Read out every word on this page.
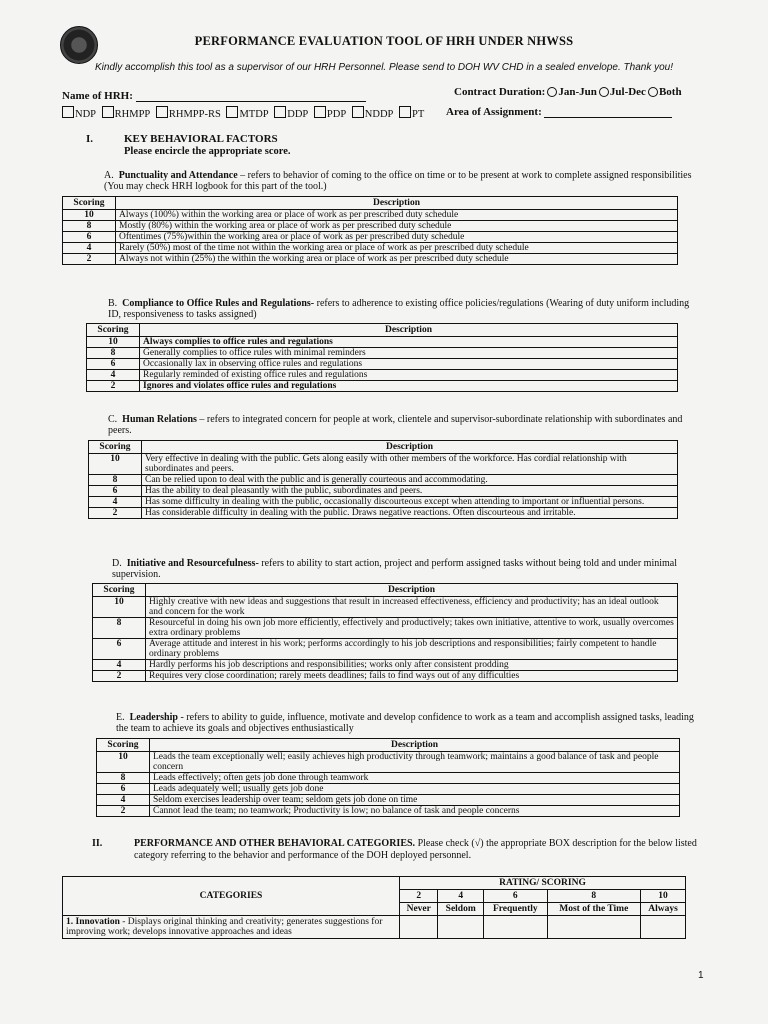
PERFORMANCE EVALUATION TOOL OF HRH UNDER NHWSS
Kindly accomplish this tool as a supervisor of our HRH Personnel. Please send to DOH WV CHD in a sealed envelope. Thank you!
Name of HRH:	Contract Duration: Jan-Jun Jul-Dec Both
NDP RHMPP RHMPP-RS MTDP DDP PDP NDDP PT Area of Assignment:
I.	KEY BEHAVIORAL FACTORS
Please encircle the appropriate score.
A. Punctuality and Attendance – refers to behavior of coming to the office on time or to be present at work to complete assigned responsibilities (You may check HRH logbook for this part of the tool.)
Scoring	Description
10	Always (100%) within the working area or place of work as per prescribed duty schedule
8	Mostly (80%) within the working area or place of work as per prescribed duty schedule
6	Oftentimes (75%)within the working area or place of work as per prescribed duty schedule
4	Rarely (50%) most of the time not within the working area or place of work as per prescribed duty schedule
2	Always not within (25%) the within the working area or place of work as per prescribed duty schedule
B. Compliance to Office Rules and Regulations- refers to adherence to existing office policies/regulations (Wearing of duty uniform including ID, responsiveness to tasks assigned)
Scoring	Description
10	Always complies to office rules and regulations
8	Generally complies to office rules with minimal reminders
6	Occasionally lax in observing office rules and regulations
4	Regularly reminded of existing office rules and regulations
2	Ignores and violates office rules and regulations
C. Human Relations – refers to integrated concern for people at work, clientele and supervisor-subordinate relationship with subordinates and peers.
Scoring	Description
10	Very effective in dealing with the public. Gets along easily with other members of the workforce. Has cordial relationship with subordinates and peers.
8	Can be relied upon to deal with the public and is generally courteous and accommodating.
6	Has the ability to deal pleasantly with the public, subordinates and peers.
4	Has some difficulty in dealing with the public, occasionally discourteous except when attending to important or influential persons.
2	Has considerable difficulty in dealing with the public. Draws negative reactions. Often discourteous and irritable.
D. Initiative and Resourcefulness- refers to ability to start action, project and perform assigned tasks without being told and under minimal supervision.
Scoring	Description
10	Highly creative with new ideas and suggestions that result in increased effectiveness, efficiency and productivity; has an ideal outlook and concern for the work
8	Resourceful in doing his own job more efficiently, effectively and productively; takes own initiative, attentive to work, usually overcomes extra ordinary problems
6	Average attitude and interest in his work; performs accordingly to his job descriptions and responsibilities; fairly competent to handle ordinary problems
4	Hardly performs his job descriptions and responsibilities; works only after consistent prodding
2	Requires very close coordination; rarely meets deadlines; fails to find ways out of any difficulties
E. Leadership - refers to ability to guide, influence, motivate and develop confidence to work as a team and accomplish assigned tasks, leading the team to achieve its goals and objectives enthusiastically
Scoring	Description
10	Leads the team exceptionally well; easily achieves high productivity through teamwork; maintains a good balance of task and people concern
8	Leads effectively; often gets job done through teamwork
6	Leads adequately well; usually gets job done
4	Seldom exercises leadership over team; seldom gets job done on time
2	Cannot lead the team; no teamwork; Productivity is low; no balance of task and people concerns
II.	PERFORMANCE AND OTHER BEHAVIORAL CATEGORIES. Please check (√) the appropriate BOX description for the below listed category referring to the behavior and performance of the DOH deployed personnel.
CATEGORIES	RATING/ SCORING				
	2	4	6	8	10
	Never	Seldom	Frequently	Most of the Time	Always
1. Innovation - Displays original thinking and creativity; generates suggestions for improving work; develops innovative approaches and ideas					
1
